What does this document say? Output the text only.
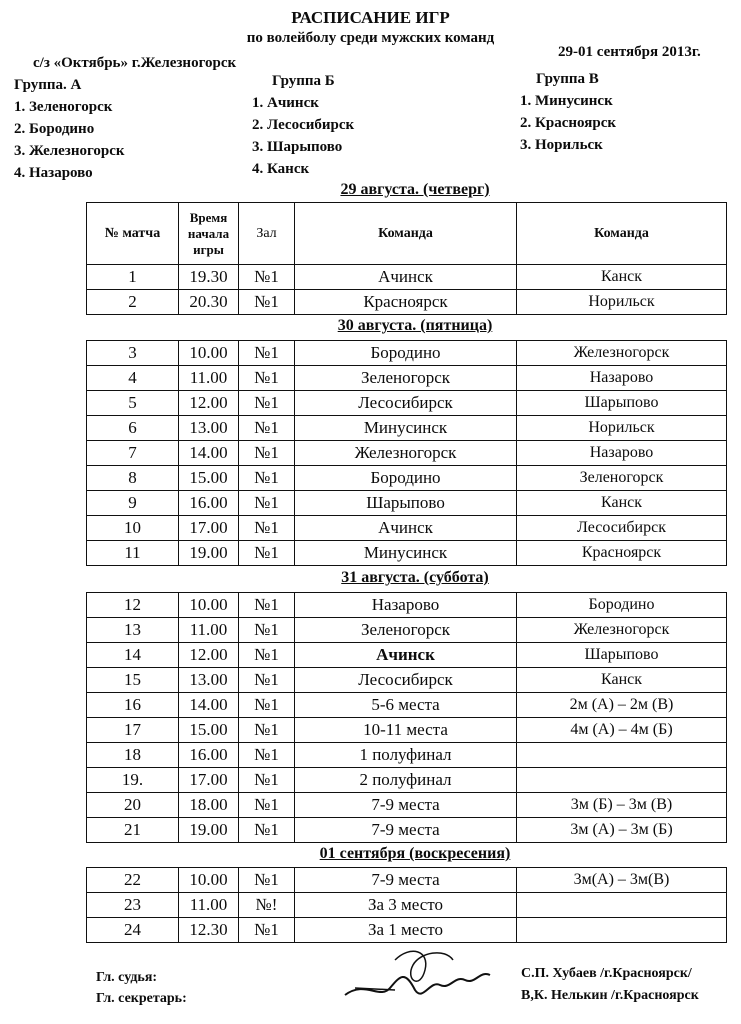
РАСПИСАНИЕ ИГР
по волейболу среди мужских команд
с/з «Октябрь» г.Железногорск
29-01 сентября 2013г.
Группа. А
1. Зеленогорск
2. Бородино
3. Железногорск
4. Назарово
Группа Б
1. Ачинск
2. Лесосибирск
3. Шарыпово
4. Канск
Группа В
1. Минусинск
2. Красноярск
3. Норильск
29 августа. (четверг)
№ матча	Время начала игры	Зал	Команда	Команда
1	19.30	№1	Ачинск	Канск
2	20.30	№1	Красноярск	Норильск
30 августа. (пятница)
3	10.00	№1	Бородино	Железногорск
4	11.00	№1	Зеленогорск	Назарово
5	12.00	№1	Лесосибирск	Шарыпово
6	13.00	№1	Минусинск	Норильск
7	14.00	№1	Железногорск	Назарово
8	15.00	№1	Бородино	Зеленогорск
9	16.00	№1	Шарыпово	Канск
10	17.00	№1	Ачинск	Лесосибирск
11	19.00	№1	Минусинск	Красноярск
31 августа. (суббота)
12	10.00	№1	Назарово	Бородино
13	11.00	№1	Зеленогорск	Железногорск
14	12.00	№1	Ачинск	Шарыпово
15	13.00	№1	Лесосибирск	Канск
16	14.00	№1	5-6 места	2м (А) – 2м (В)
17	15.00	№1	10-11 места	4м (А) – 4м (Б)
18	16.00	№1	1 полуфинал	
19.	17.00	№1	2 полуфинал	
20	18.00	№1	7-9 места	3м (Б) – 3м (В)
21	19.00	№1	7-9 места	3м (А) – 3м (Б)
01 сентября (воскресения)
22	10.00	№1	7-9 места	3м(А) – 3м(В)
23	11.00	№!	За 3 место	
24	12.30	№1	За 1 место	
Гл. судья:
Гл. секретарь:
С.П. Хубаев /г.Красноярск/
В,К. Нелькин /г.Красноярск
